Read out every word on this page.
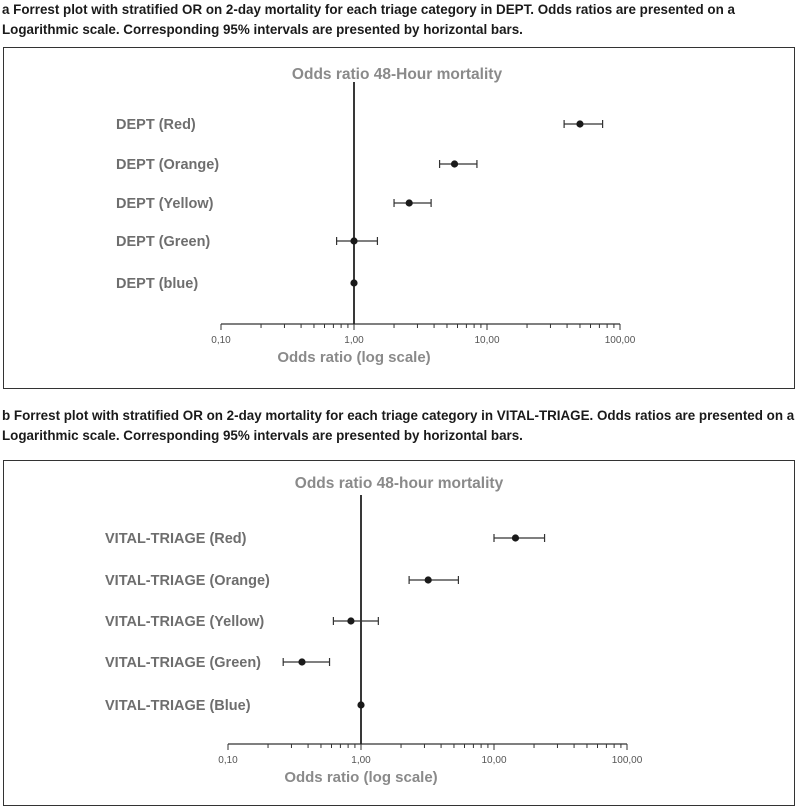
a Forrest plot with stratified OR on 2-day mortality for each triage category in DEPT. Odds ratios are presented on a Logarithmic scale. Corresponding 95% intervals are presented by horizontal bars.

Odds ratio 48-Hour mortality
0,10	1,00	10,00	100,00
Odds ratio (log scale)
DEPT (Red)
DEPT (Orange)
DEPT (Yellow)
DEPT (Green)
DEPT (blue)

b Forrest plot with stratified OR on 2-day mortality for each triage category in VITAL-TRIAGE. Odds ratios are presented on a Logarithmic scale. Corresponding 95% intervals are presented by horizontal bars.

Odds ratio 48-hour mortality
0,10	1,00	10,00	100,00
Odds ratio (log scale)
VITAL-TRIAGE (Red)
VITAL-TRIAGE (Orange)
VITAL-TRIAGE (Yellow)
VITAL-TRIAGE (Green)
VITAL-TRIAGE (Blue)
